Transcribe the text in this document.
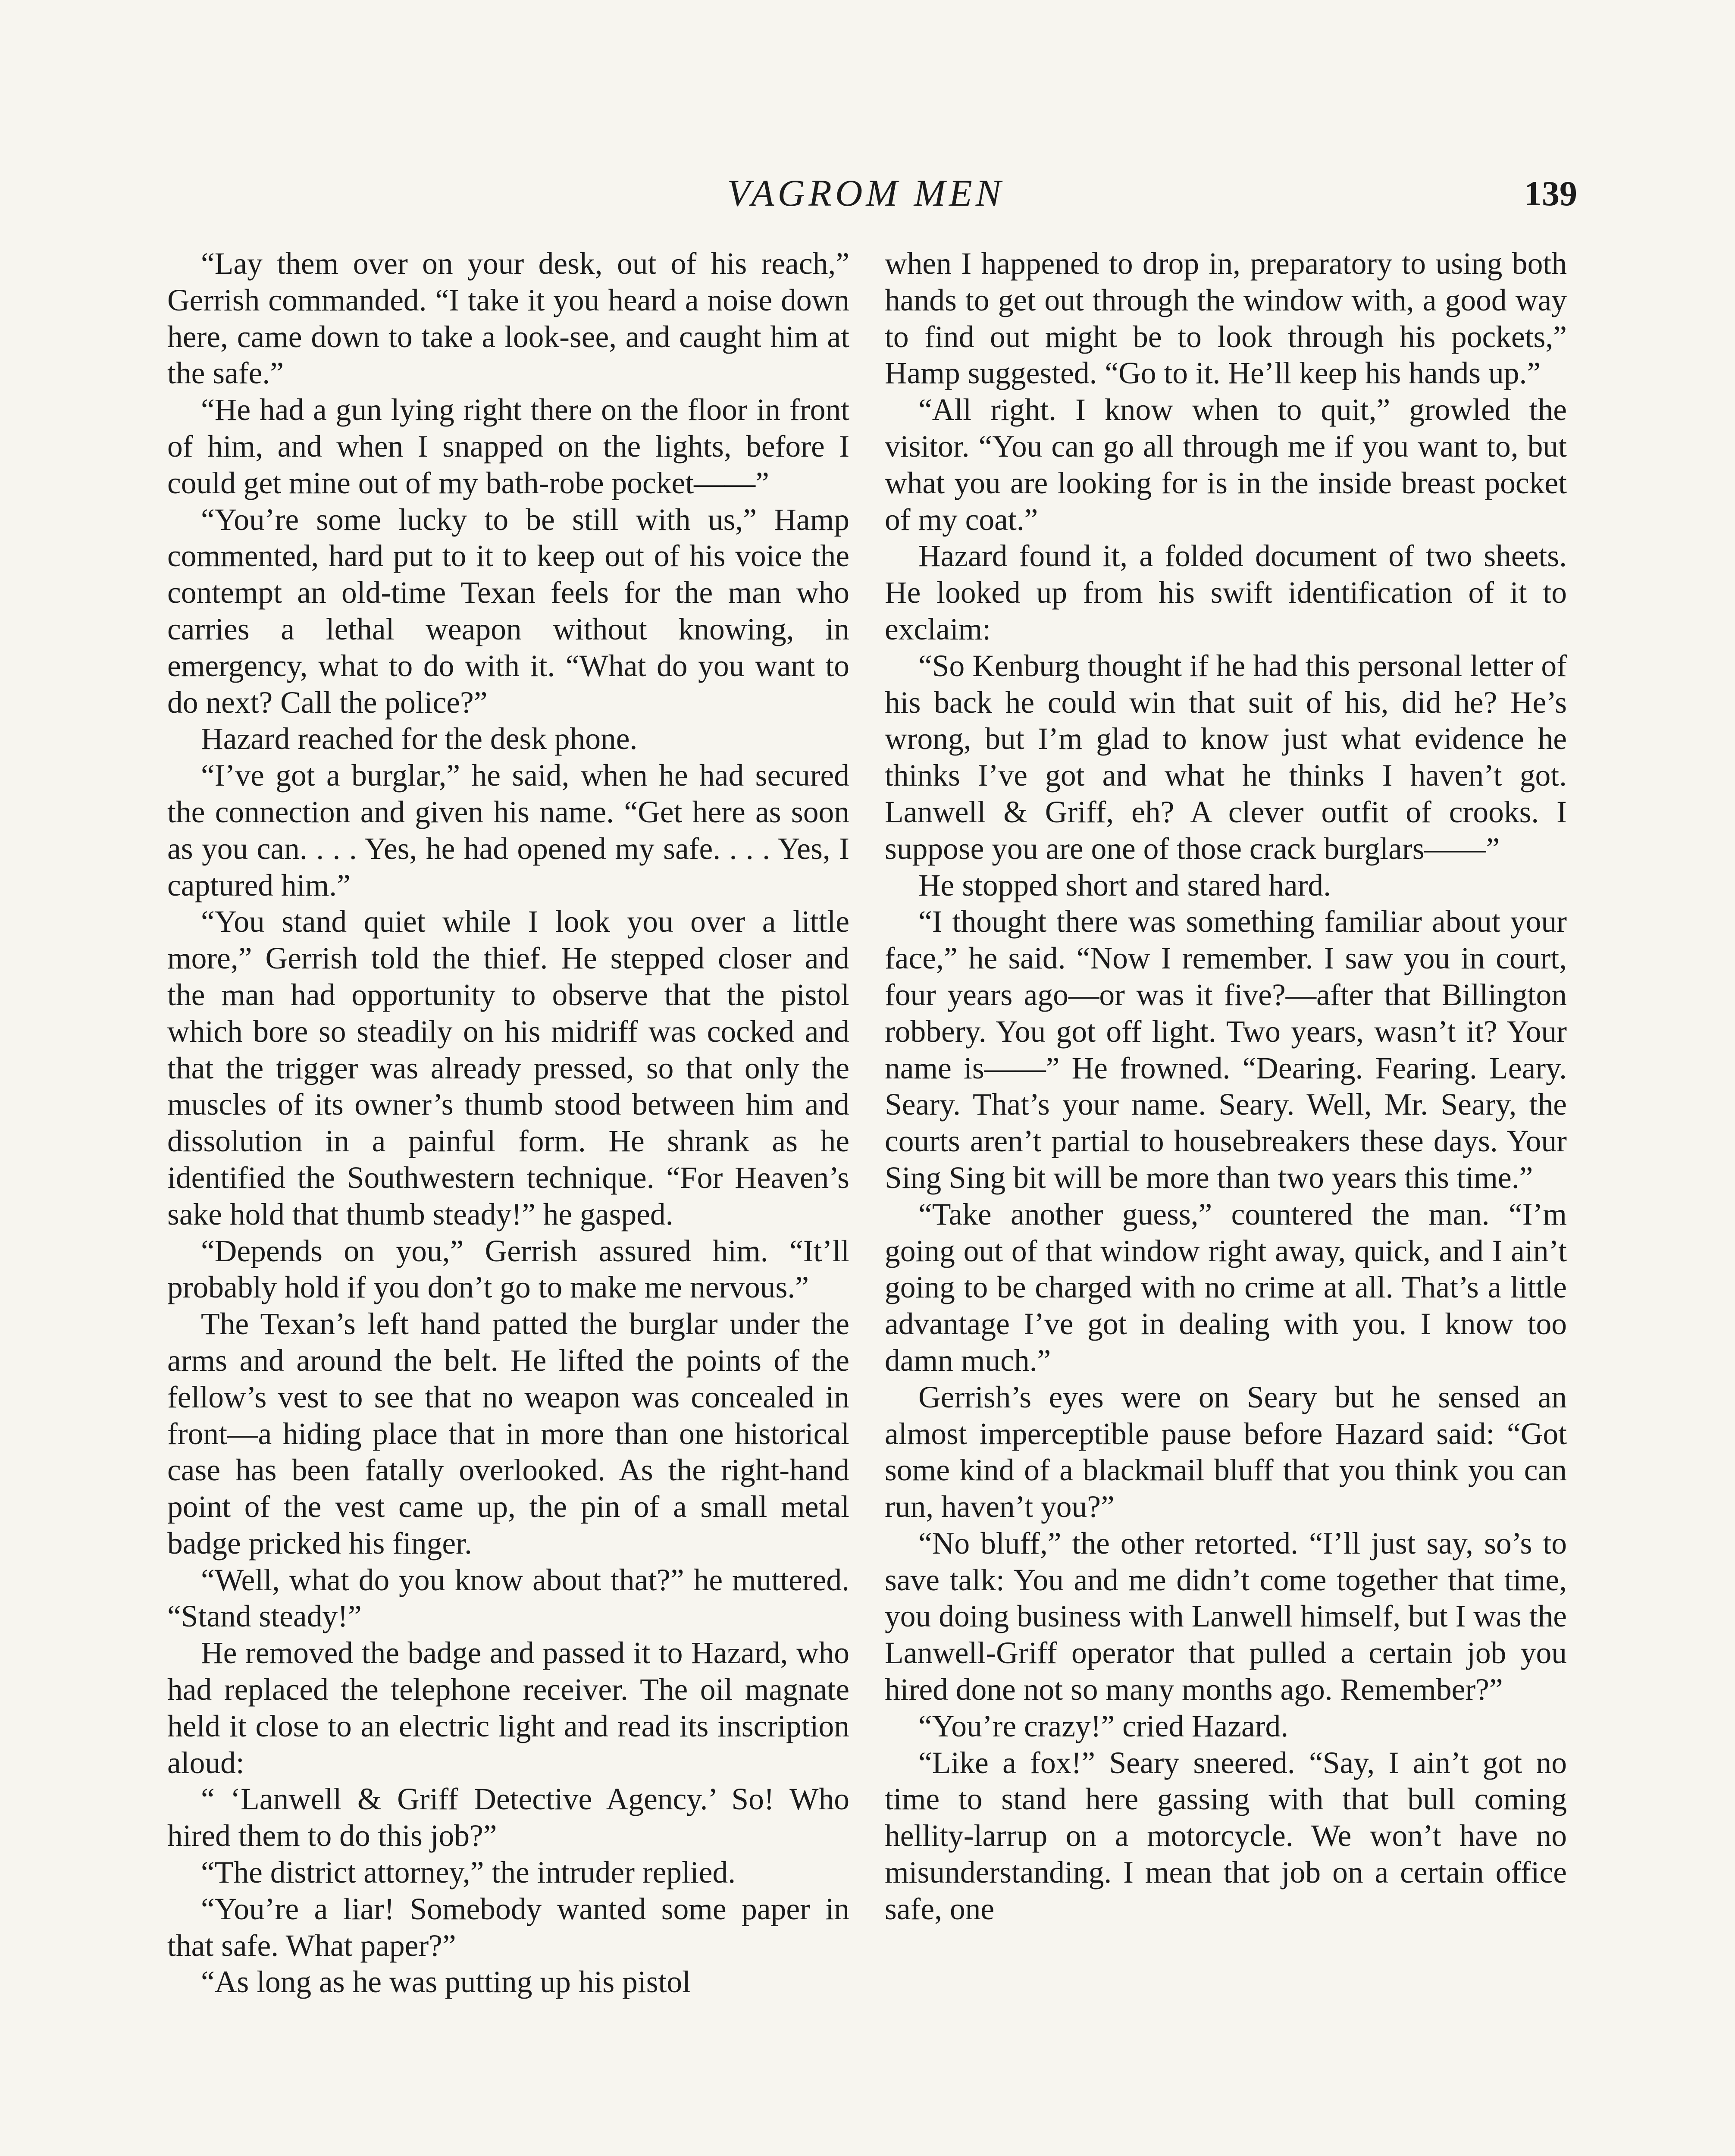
VAGROM MEN	139

“Lay them over on your desk, out of his reach,” Gerrish commanded. “I take it you heard a noise down here, came down to take a look-see, and caught him at the safe.”

“He had a gun lying right there on the floor in front of him, and when I snapped on the lights, before I could get mine out of my bath-robe pocket——”

“You’re some lucky to be still with us,” Hamp commented, hard put to it to keep out of his voice the contempt an old-time Texan feels for the man who carries a lethal weapon without knowing, in emergency, what to do with it. “What do you want to do next? Call the police?”

Hazard reached for the desk phone.

“I’ve got a burglar,” he said, when he had secured the connection and given his name. “Get here as soon as you can. . . . Yes, he had opened my safe. . . . Yes, I captured him.”

“You stand quiet while I look you over a little more,” Gerrish told the thief. He stepped closer and the man had opportunity to observe that the pistol which bore so steadily on his midriff was cocked and that the trigger was already pressed, so that only the muscles of its owner’s thumb stood between him and dissolution in a painful form. He shrank as he identified the Southwestern technique. “For Heaven’s sake hold that thumb steady!” he gasped.

“Depends on you,” Gerrish assured him. “It’ll probably hold if you don’t go to make me nervous.”

The Texan’s left hand patted the burglar under the arms and around the belt. He lifted the points of the fellow’s vest to see that no weapon was concealed in front—a hiding place that in more than one historical case has been fatally overlooked. As the right-hand point of the vest came up, the pin of a small metal badge pricked his finger.

“Well, what do you know about that?” he muttered. “Stand steady!”

He removed the badge and passed it to Hazard, who had replaced the telephone receiver. The oil magnate held it close to an electric light and read its inscription aloud:

“ ‘Lanwell & Griff Detective Agency.’ So! Who hired them to do this job?”

“The district attorney,” the intruder replied.

“You’re a liar! Somebody wanted some paper in that safe. What paper?”

“As long as he was putting up his pistol

when I happened to drop in, preparatory to using both hands to get out through the window with, a good way to find out might be to look through his pockets,” Hamp suggested. “Go to it. He’ll keep his hands up.”

“All right. I know when to quit,” growled the visitor. “You can go all through me if you want to, but what you are looking for is in the inside breast pocket of my coat.”

Hazard found it, a folded document of two sheets. He looked up from his swift identification of it to exclaim:

“So Kenburg thought if he had this personal letter of his back he could win that suit of his, did he? He’s wrong, but I’m glad to know just what evidence he thinks I’ve got and what he thinks I haven’t got. Lanwell & Griff, eh? A clever outfit of crooks. I suppose you are one of those crack burglars——”

He stopped short and stared hard.

“I thought there was something familiar about your face,” he said. “Now I remember. I saw you in court, four years ago—or was it five?—after that Billington robbery. You got off light. Two years, wasn’t it? Your name is——” He frowned. “Dearing. Fearing. Leary. Seary. That’s your name. Seary. Well, Mr. Seary, the courts aren’t partial to housebreakers these days. Your Sing Sing bit will be more than two years this time.”

“Take another guess,” countered the man. “I’m going out of that window right away, quick, and I ain’t going to be charged with no crime at all. That’s a little advantage I’ve got in dealing with you. I know too damn much.”

Gerrish’s eyes were on Seary but he sensed an almost imperceptible pause before Hazard said: “Got some kind of a blackmail bluff that you think you can run, haven’t you?”

“No bluff,” the other retorted. “I’ll just say, so’s to save talk: You and me didn’t come together that time, you doing business with Lanwell himself, but I was the Lanwell-Griff operator that pulled a certain job you hired done not so many months ago. Remember?”

“You’re crazy!” cried Hazard.

“Like a fox!” Seary sneered. “Say, I ain’t got no time to stand here gassing with that bull coming hellity-larrup on a motorcycle. We won’t have no misunderstanding. I mean that job on a certain office safe, one
